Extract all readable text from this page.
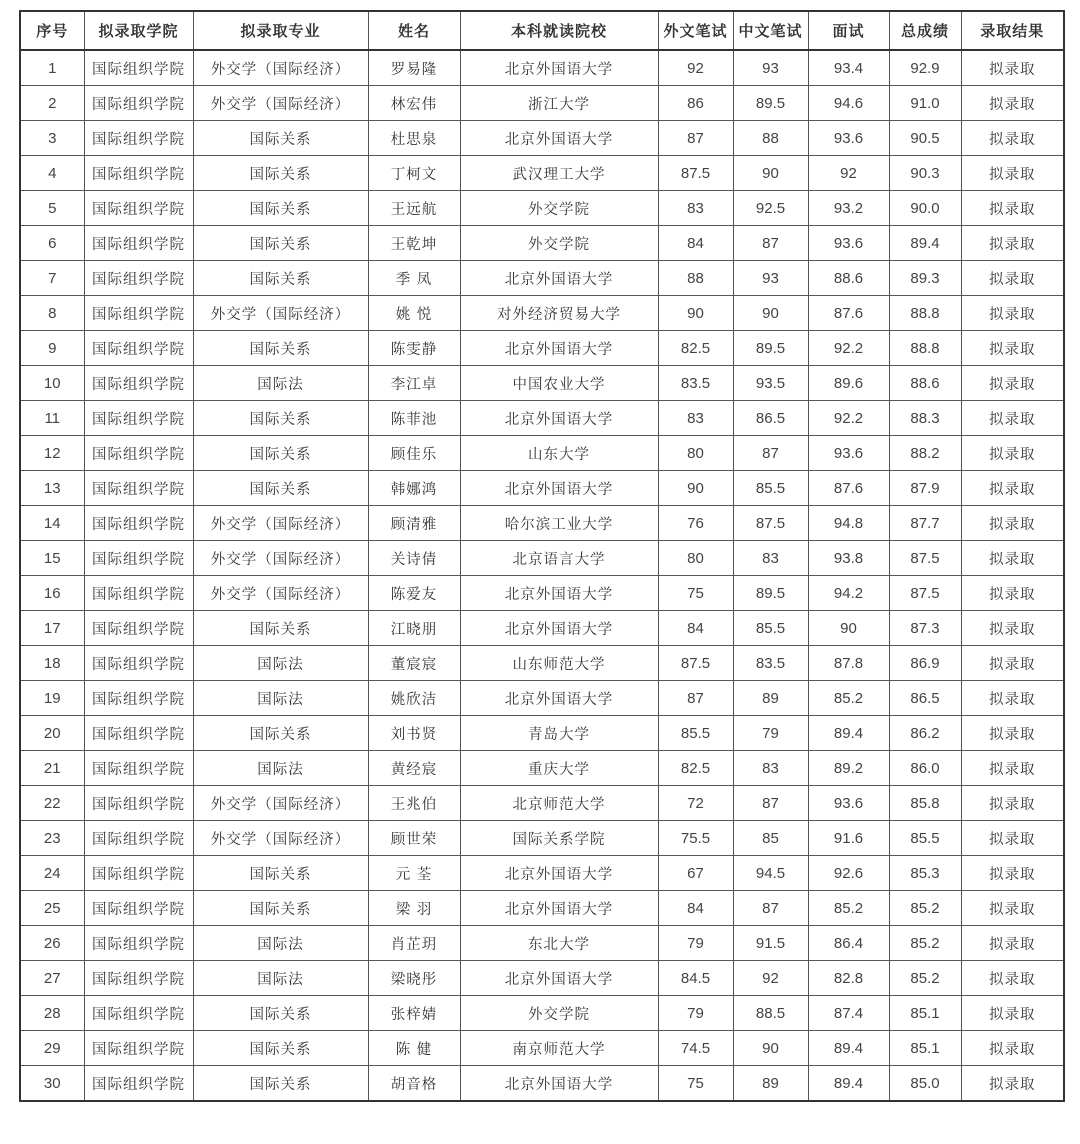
序号	拟录取学院	拟录取专业	姓名	本科就读院校	外文笔试	中文笔试	面试	总成绩	录取结果
1	国际组织学院	外交学（国际经济）	罗易隆	北京外国语大学	92	93	93.4	92.9	拟录取
2	国际组织学院	外交学（国际经济）	林宏伟	浙江大学	86	89.5	94.6	91.0	拟录取
3	国际组织学院	国际关系	杜思泉	北京外国语大学	87	88	93.6	90.5	拟录取
4	国际组织学院	国际关系	丁柯文	武汉理工大学	87.5	90	92	90.3	拟录取
5	国际组织学院	国际关系	王远航	外交学院	83	92.5	93.2	90.0	拟录取
6	国际组织学院	国际关系	王乾坤	外交学院	84	87	93.6	89.4	拟录取
7	国际组织学院	国际关系	季 凤	北京外国语大学	88	93	88.6	89.3	拟录取
8	国际组织学院	外交学（国际经济）	姚 悦	对外经济贸易大学	90	90	87.6	88.8	拟录取
9	国际组织学院	国际关系	陈雯静	北京外国语大学	82.5	89.5	92.2	88.8	拟录取
10	国际组织学院	国际法	李江卓	中国农业大学	83.5	93.5	89.6	88.6	拟录取
11	国际组织学院	国际关系	陈菲池	北京外国语大学	83	86.5	92.2	88.3	拟录取
12	国际组织学院	国际关系	顾佳乐	山东大学	80	87	93.6	88.2	拟录取
13	国际组织学院	国际关系	韩娜鸿	北京外国语大学	90	85.5	87.6	87.9	拟录取
14	国际组织学院	外交学（国际经济）	顾清雅	哈尔滨工业大学	76	87.5	94.8	87.7	拟录取
15	国际组织学院	外交学（国际经济）	关诗倩	北京语言大学	80	83	93.8	87.5	拟录取
16	国际组织学院	外交学（国际经济）	陈爱友	北京外国语大学	75	89.5	94.2	87.5	拟录取
17	国际组织学院	国际关系	江晓朋	北京外国语大学	84	85.5	90	87.3	拟录取
18	国际组织学院	国际法	董宸宸	山东师范大学	87.5	83.5	87.8	86.9	拟录取
19	国际组织学院	国际法	姚欣洁	北京外国语大学	87	89	85.2	86.5	拟录取
20	国际组织学院	国际关系	刘书贤	青岛大学	85.5	79	89.4	86.2	拟录取
21	国际组织学院	国际法	黄经宸	重庆大学	82.5	83	89.2	86.0	拟录取
22	国际组织学院	外交学（国际经济）	王兆伯	北京师范大学	72	87	93.6	85.8	拟录取
23	国际组织学院	外交学（国际经济）	顾世荣	国际关系学院	75.5	85	91.6	85.5	拟录取
24	国际组织学院	国际关系	元 荃	北京外国语大学	67	94.5	92.6	85.3	拟录取
25	国际组织学院	国际关系	梁 羽	北京外国语大学	84	87	85.2	85.2	拟录取
26	国际组织学院	国际法	肖芷玥	东北大学	79	91.5	86.4	85.2	拟录取
27	国际组织学院	国际法	梁晓彤	北京外国语大学	84.5	92	82.8	85.2	拟录取
28	国际组织学院	国际关系	张梓婧	外交学院	79	88.5	87.4	85.1	拟录取
29	国际组织学院	国际关系	陈 健	南京师范大学	74.5	90	89.4	85.1	拟录取
30	国际组织学院	国际关系	胡音格	北京外国语大学	75	89	89.4	85.0	拟录取
